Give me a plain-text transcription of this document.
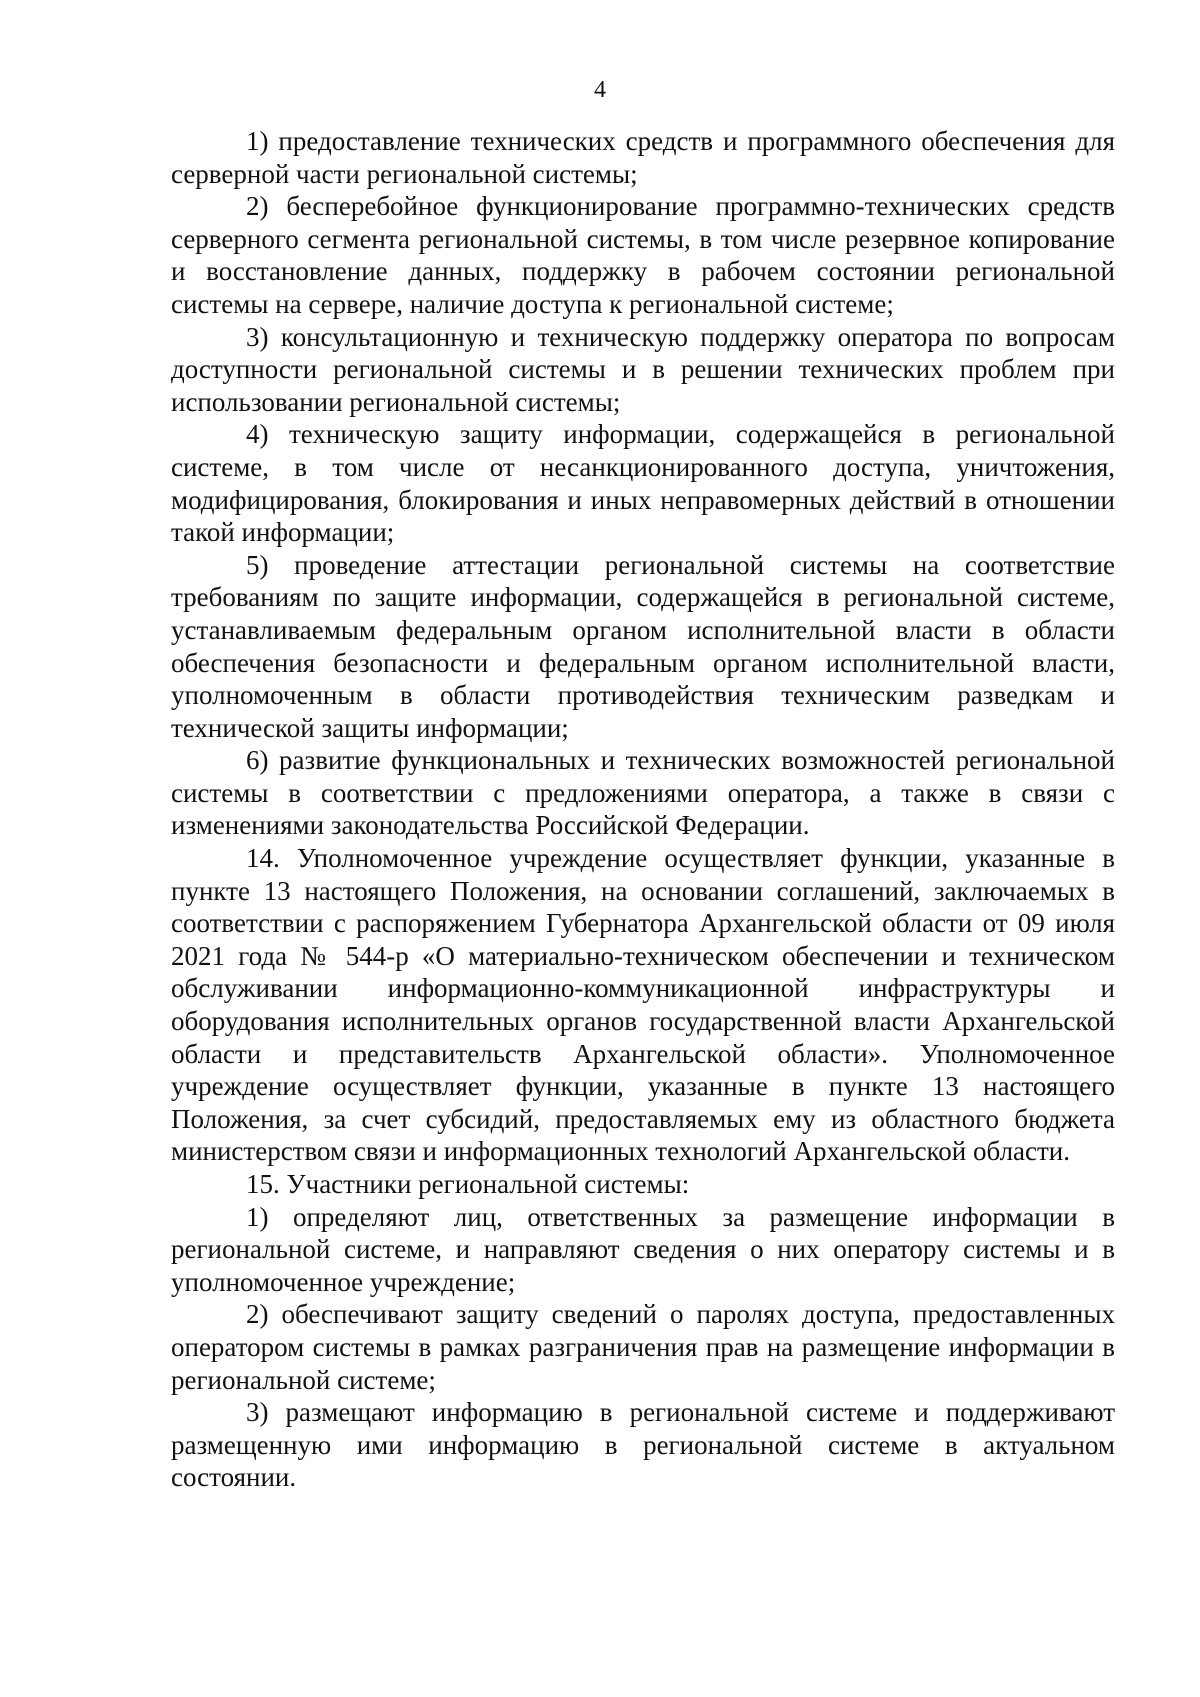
4

1) предоставление технических средств и программного обеспечения для серверной части региональной системы;

2) бесперебойное функционирование программно-технических средств серверного сегмента региональной системы, в том числе резервное копирование и восстановление данных, поддержку в рабочем состоянии региональной системы на сервере, наличие доступа к региональной системе;

3) консультационную и техническую поддержку оператора по вопросам доступности региональной системы и в решении технических проблем при использовании региональной системы;

4) техническую защиту информации, содержащейся в региональной системе, в том числе от несанкционированного доступа, уничтожения, модифицирования, блокирования и иных неправомерных действий в отношении такой информации;

5) проведение аттестации региональной системы на соответствие требованиям по защите информации, содержащейся в региональной системе, устанавливаемым федеральным органом исполнительной власти в области обеспечения безопасности и федеральным органом исполнительной власти, уполномоченным в области противодействия техническим разведкам и технической защиты информации;

6) развитие функциональных и технических возможностей региональной системы в соответствии с предложениями оператора, а также в связи с изменениями законодательства Российской Федерации.

14. Уполномоченное учреждение осуществляет функции, указанные в пункте 13 настоящего Положения, на основании соглашений, заключаемых в соответствии с распоряжением Губернатора Архангельской области от 09 июля 2021 года № 544-р «О материально-техническом обеспечении и техническом обслуживании информационно-коммуникационной инфраструктуры и оборудования исполнительных органов государственной власти Архангельской области и представительств Архангельской области». Уполномоченное учреждение осуществляет функции, указанные в пункте 13 настоящего Положения, за счет субсидий, предоставляемых ему из областного бюджета министерством связи и информационных технологий Архангельской области.

15. Участники региональной системы:

1) определяют лиц, ответственных за размещение информации в региональной системе, и направляют сведения о них оператору системы и в уполномоченное учреждение;

2) обеспечивают защиту сведений о паролях доступа, предоставленных оператором системы в рамках разграничения прав на размещение информации в региональной системе;

3) размещают информацию в региональной системе и поддерживают размещенную ими информацию в региональной системе в актуальном состоянии.
